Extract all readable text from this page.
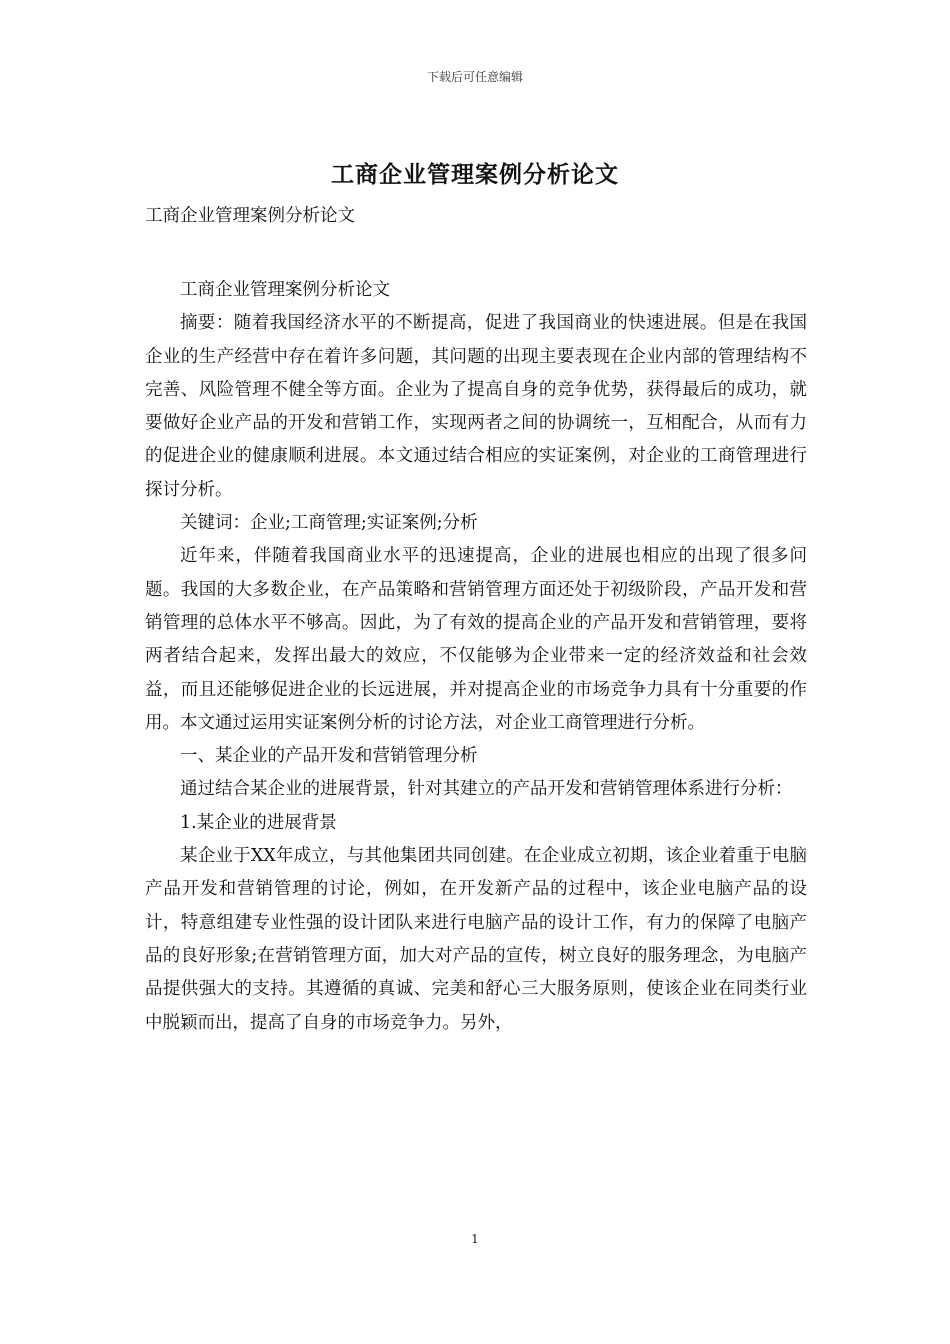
下载后可任意编辑
工商企业管理案例分析论文
工商企业管理案例分析论文

工商企业管理案例分析论文

摘要：随着我国经济水平的不断提高，促进了我国商业的快速进展。但是在我国企业的生产经营中存在着许多问题，其问题的出现主要表现在企业内部的管理结构不完善、风险管理不健全等方面。企业为了提高自身的竞争优势，获得最后的成功，就要做好企业产品的开发和营销工作，实现两者之间的协调统一，互相配合，从而有力的促进企业的健康顺利进展。本文通过结合相应的实证案例，对企业的工商管理进行探讨分析。

关键词：企业;工商管理;实证案例;分析

近年来，伴随着我国商业水平的迅速提高，企业的进展也相应的出现了很多问题。我国的大多数企业，在产品策略和营销管理方面还处于初级阶段，产品开发和营销管理的总体水平不够高。因此，为了有效的提高企业的产品开发和营销管理，要将两者结合起来，发挥出最大的效应，不仅能够为企业带来一定的经济效益和社会效益，而且还能够促进企业的长远进展，并对提高企业的市场竞争力具有十分重要的作用。本文通过运用实证案例分析的讨论方法，对企业工商管理进行分析。

一、某企业的产品开发和营销管理分析

通过结合某企业的进展背景，针对其建立的产品开发和营销管理体系进行分析：

1.某企业的进展背景

某企业于XX年成立，与其他集团共同创建。在企业成立初期，该企业着重于电脑产品开发和营销管理的讨论，例如，在开发新产品的过程中，该企业电脑产品的设计，特意组建专业性强的设计团队来进行电脑产品的设计工作，有力的保障了电脑产品的良好形象;在营销管理方面，加大对产品的宣传，树立良好的服务理念，为电脑产品提供强大的支持。其遵循的真诚、完美和舒心三大服务原则，使该企业在同类行业中脱颖而出，提高了自身的市场竞争力。另外，

1
